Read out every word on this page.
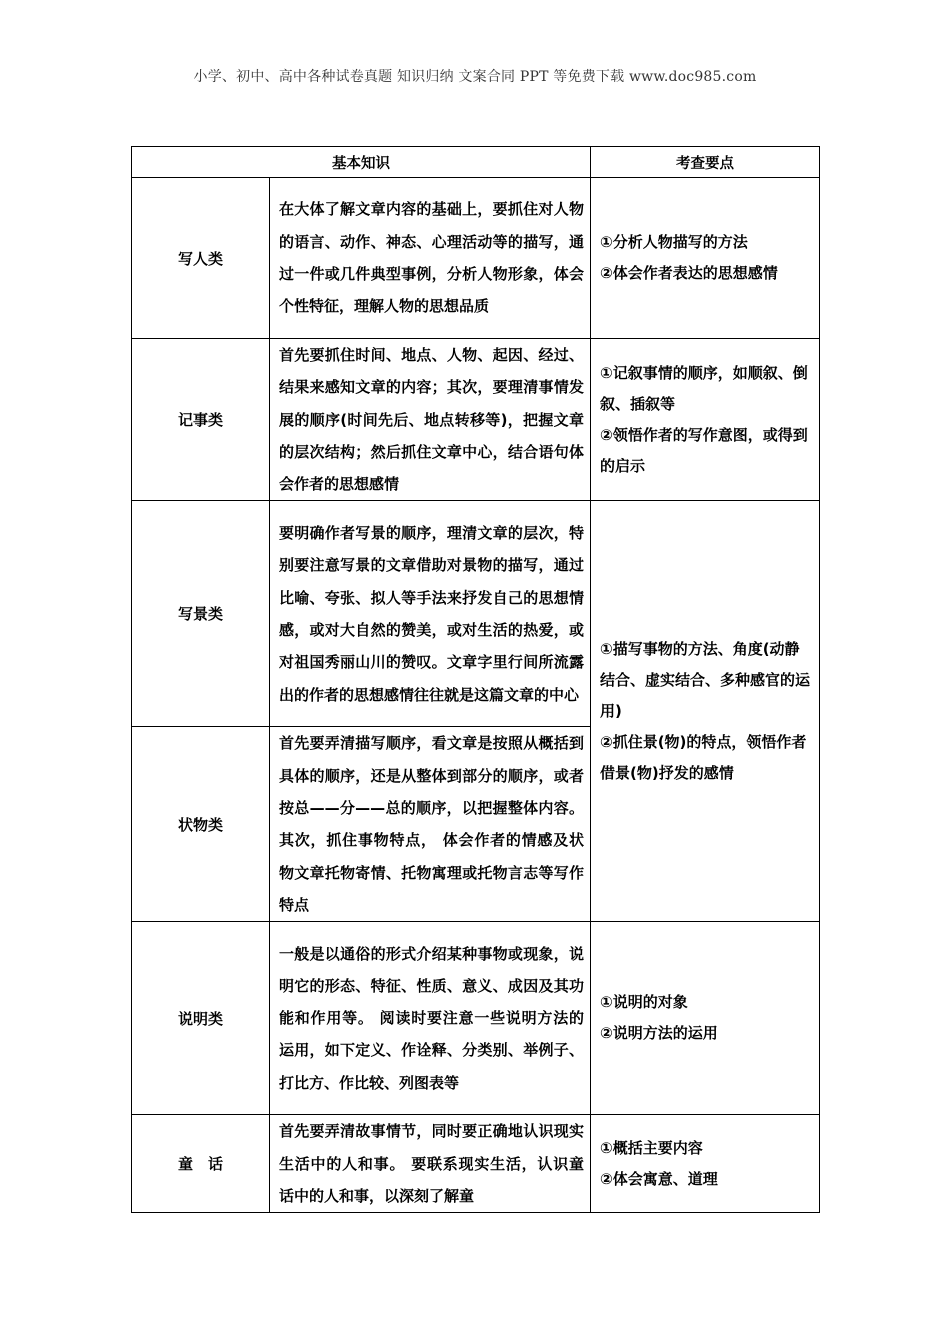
小学、初中、高中各种试卷真题 知识归纳 文案合同 PPT 等免费下载 www.doc985.com
基本知识		考查要点
写人类	在大体了解文章内容的基础上，要抓住对人物的语言、动作、神态、心理活动等的描写，通过一件或几件典型事例，分析人物形象，体会个性特征，理解人物的思想品质	①分析人物描写的方法
②体会作者表达的思想感情

记事类	首先要抓住时间、地点、人物、起因、经过、结果来感知文章的内容；其次，要理清事情发展的顺序(时间先后、地点转移等)，把握文章的层次结构；然后抓住文章中心，结合语句体会作者的思想感情	①记叙事情的顺序，如顺叙、倒叙、插叙等
②领悟作者的写作意图，或得到的启示

写景类	要明确作者写景的顺序，理清文章的层次，特别要注意写景的文章借助对景物的描写，通过比喻、夸张、拟人等手法来抒发自己的思想情感，或对大自然的赞美，或对生活的热爱，或对祖国秀丽山川的赞叹。文章字里行间所流露出的作者的思想感情往往就是这篇文章的中心	①描写事物的方法、角度(动静结合、虚实结合、多种感官的运用)
②抓住景(物)的特点，领悟作者借景(物)抒发的感情

状物类	首先要弄清描写顺序，看文章是按照从概括到具体的顺序，还是从整体到部分的顺序，或者按总——分——总的顺序，以把握整体内容。其次，抓住事物特点， 体会作者的情感及状物文章托物寄情、托物寓理或托物言志等写作特点	
说明类	一般是以通俗的形式介绍某种事物或现象，说明它的形态、特征、性质、意义、成因及其功能和作用等。 阅读时要注意一些说明方法的运用，如下定义、作诠释、分类别、举例子、打比方、作比较、列图表等	①说明的对象
②说明方法的运用

童　话	首先要弄清故事情节，同时要正确地认识现实生活中的人和事。 要联系现实生活，认识童话中的人和事，以深刻了解童	①概括主要内容
②体会寓意、道理
